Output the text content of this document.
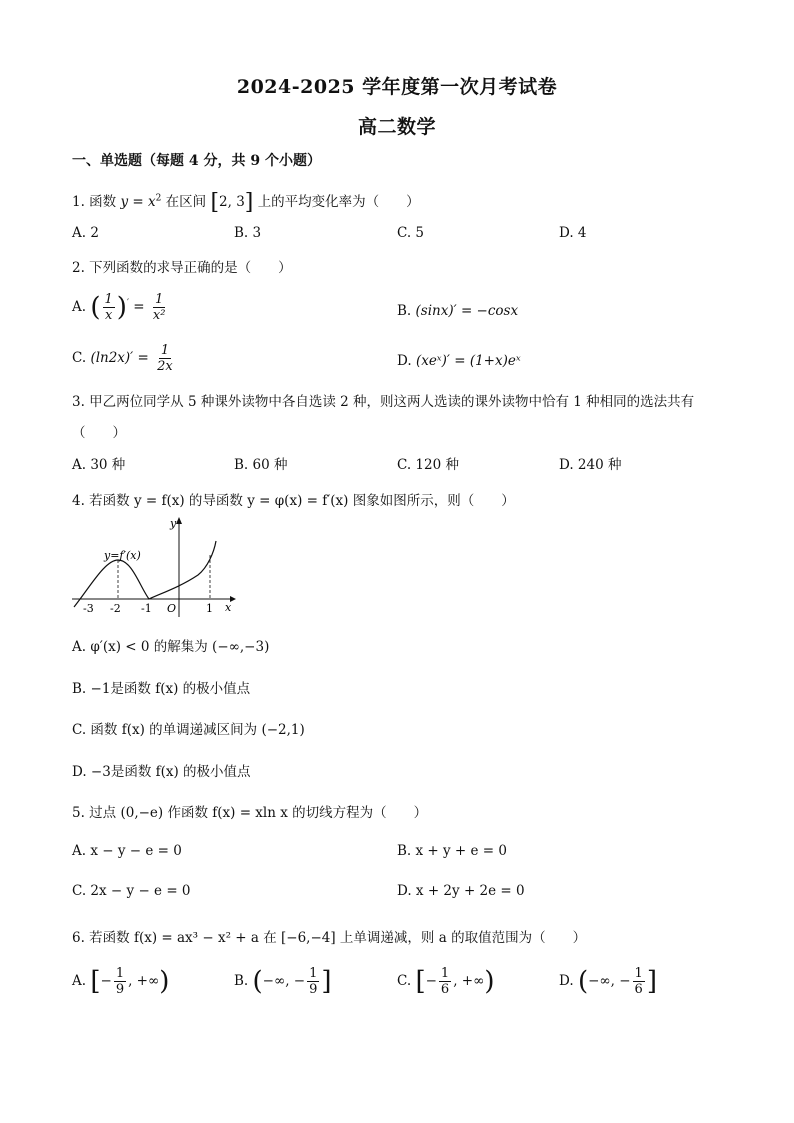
2024-2025 学年度第一次月考试卷
高二数学
一、单选题（每题 4 分，共 9 个小题）
1. 函数 $y = x^2$ 在区间 [2, 3] 上的平均变化率为（　　）
A. 2	B. 3	C. 5	D. 4
2. 下列函数的求导正确的是（　　）
A. ( $\frac{1}{x} )' = \frac{1}{\text{x²}}$	B. (sinx)′ = −cosx
C. $(\ln 2x)' = \frac{1}{2x}$	D. (xeˣ)′ = (1+x)eˣ
3. 甲乙两位同学从 5 种课外读物中各自选读 2 种，则这两人选读的课外读物中恰有 1 种相同的选法共有
（　　）
A. 30 种	B. 60 种	C. 120 种	D. 240 种
4. 若函数 y = f(x) 的导函数 y = φ(x) = f′(x) 图象如图所示，则（　　）
y=f′(x)
y
x
O
-3 -2 -1	1
A. φ′(x) < 0 的解集为 (−∞,−3)
B. −1是函数 f(x) 的极小值点
C. 函数 f(x) 的单调递减区间为 (−2,1)
D. −3是函数 f(x) 的极小值点
5. 过点 (0,−e) 作函数 f(x) = xln x 的切线方程为（　　）
A. x − y − e = 0	B. x + y + e = 0
C. 2x − y − e = 0	D. x + 2y + 2e = 0
6. 若函数 f(x) = ax³ − x² + a 在 [−6,−4] 上单调递减，则 a 的取值范围为（　　）
A. [− $\frac{1}{9}$ , +∞)	B. (−∞, − $\frac{1}{9}$ ]	C. [− $\frac{1}{6}$ , +∞)	D. (−∞, − $\frac{1}{6}$ ]
